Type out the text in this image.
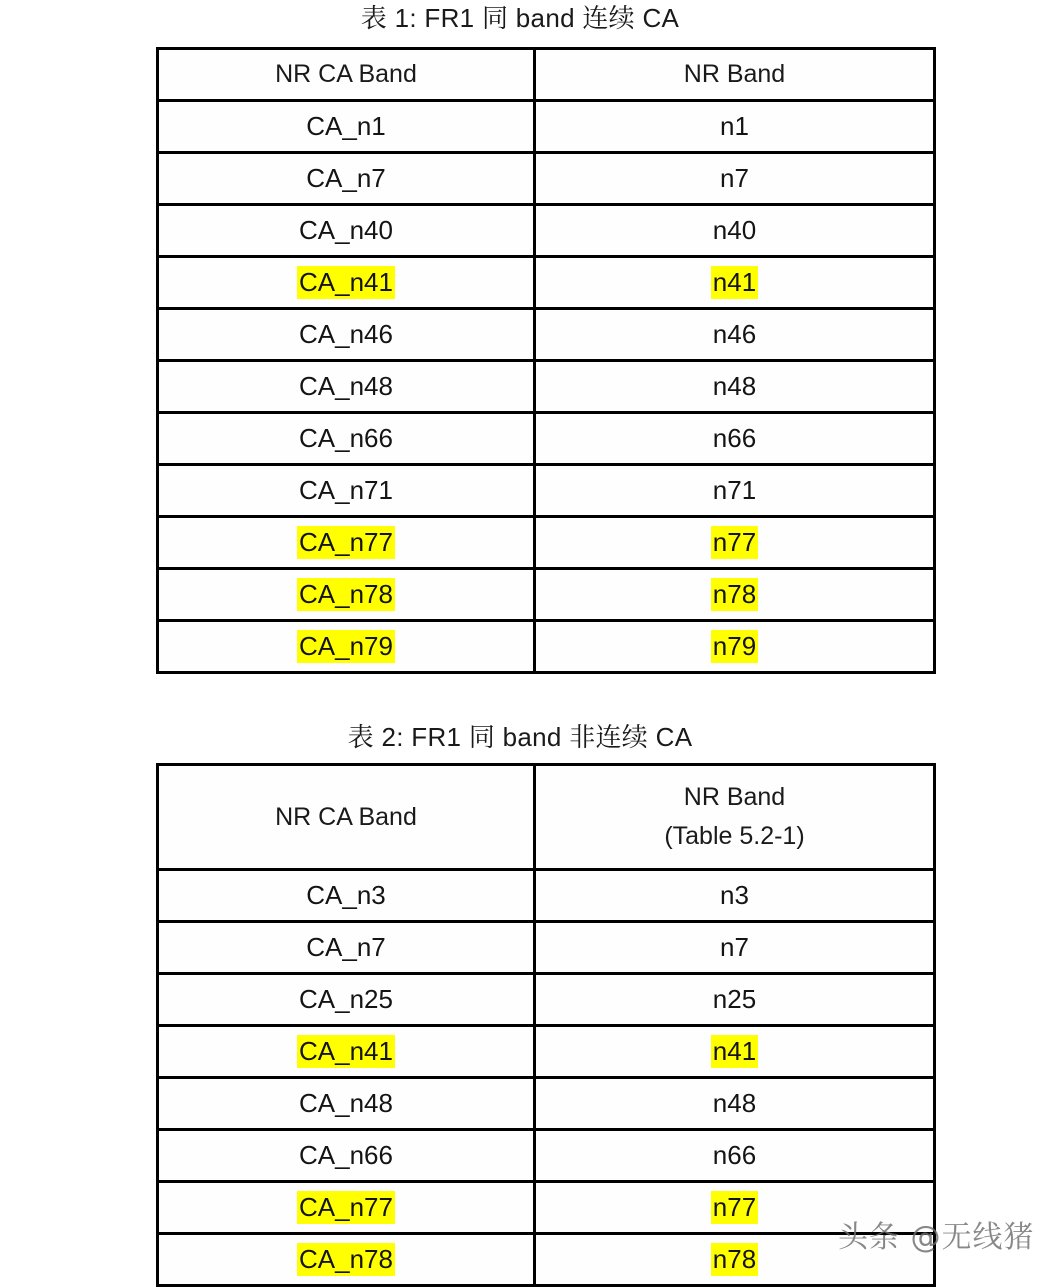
表 1: FR1 同 band 连续 CA
NR CA Band	NR Band
CA_n1	n1
CA_n7	n7
CA_n40	n40
CA_n41	n41
CA_n46	n46
CA_n48	n48
CA_n66	n66
CA_n71	n71
CA_n77	n77
CA_n78	n78
CA_n79	n79
表 2: FR1 同 band 非连续 CA
NR CA Band	NR Band
(Table 5.2-1)

CA_n3	n3
CA_n7	n7
CA_n25	n25
CA_n41	n41
CA_n48	n48
CA_n66	n66
CA_n77	n77
CA_n78	n78
头条 @无线猪
